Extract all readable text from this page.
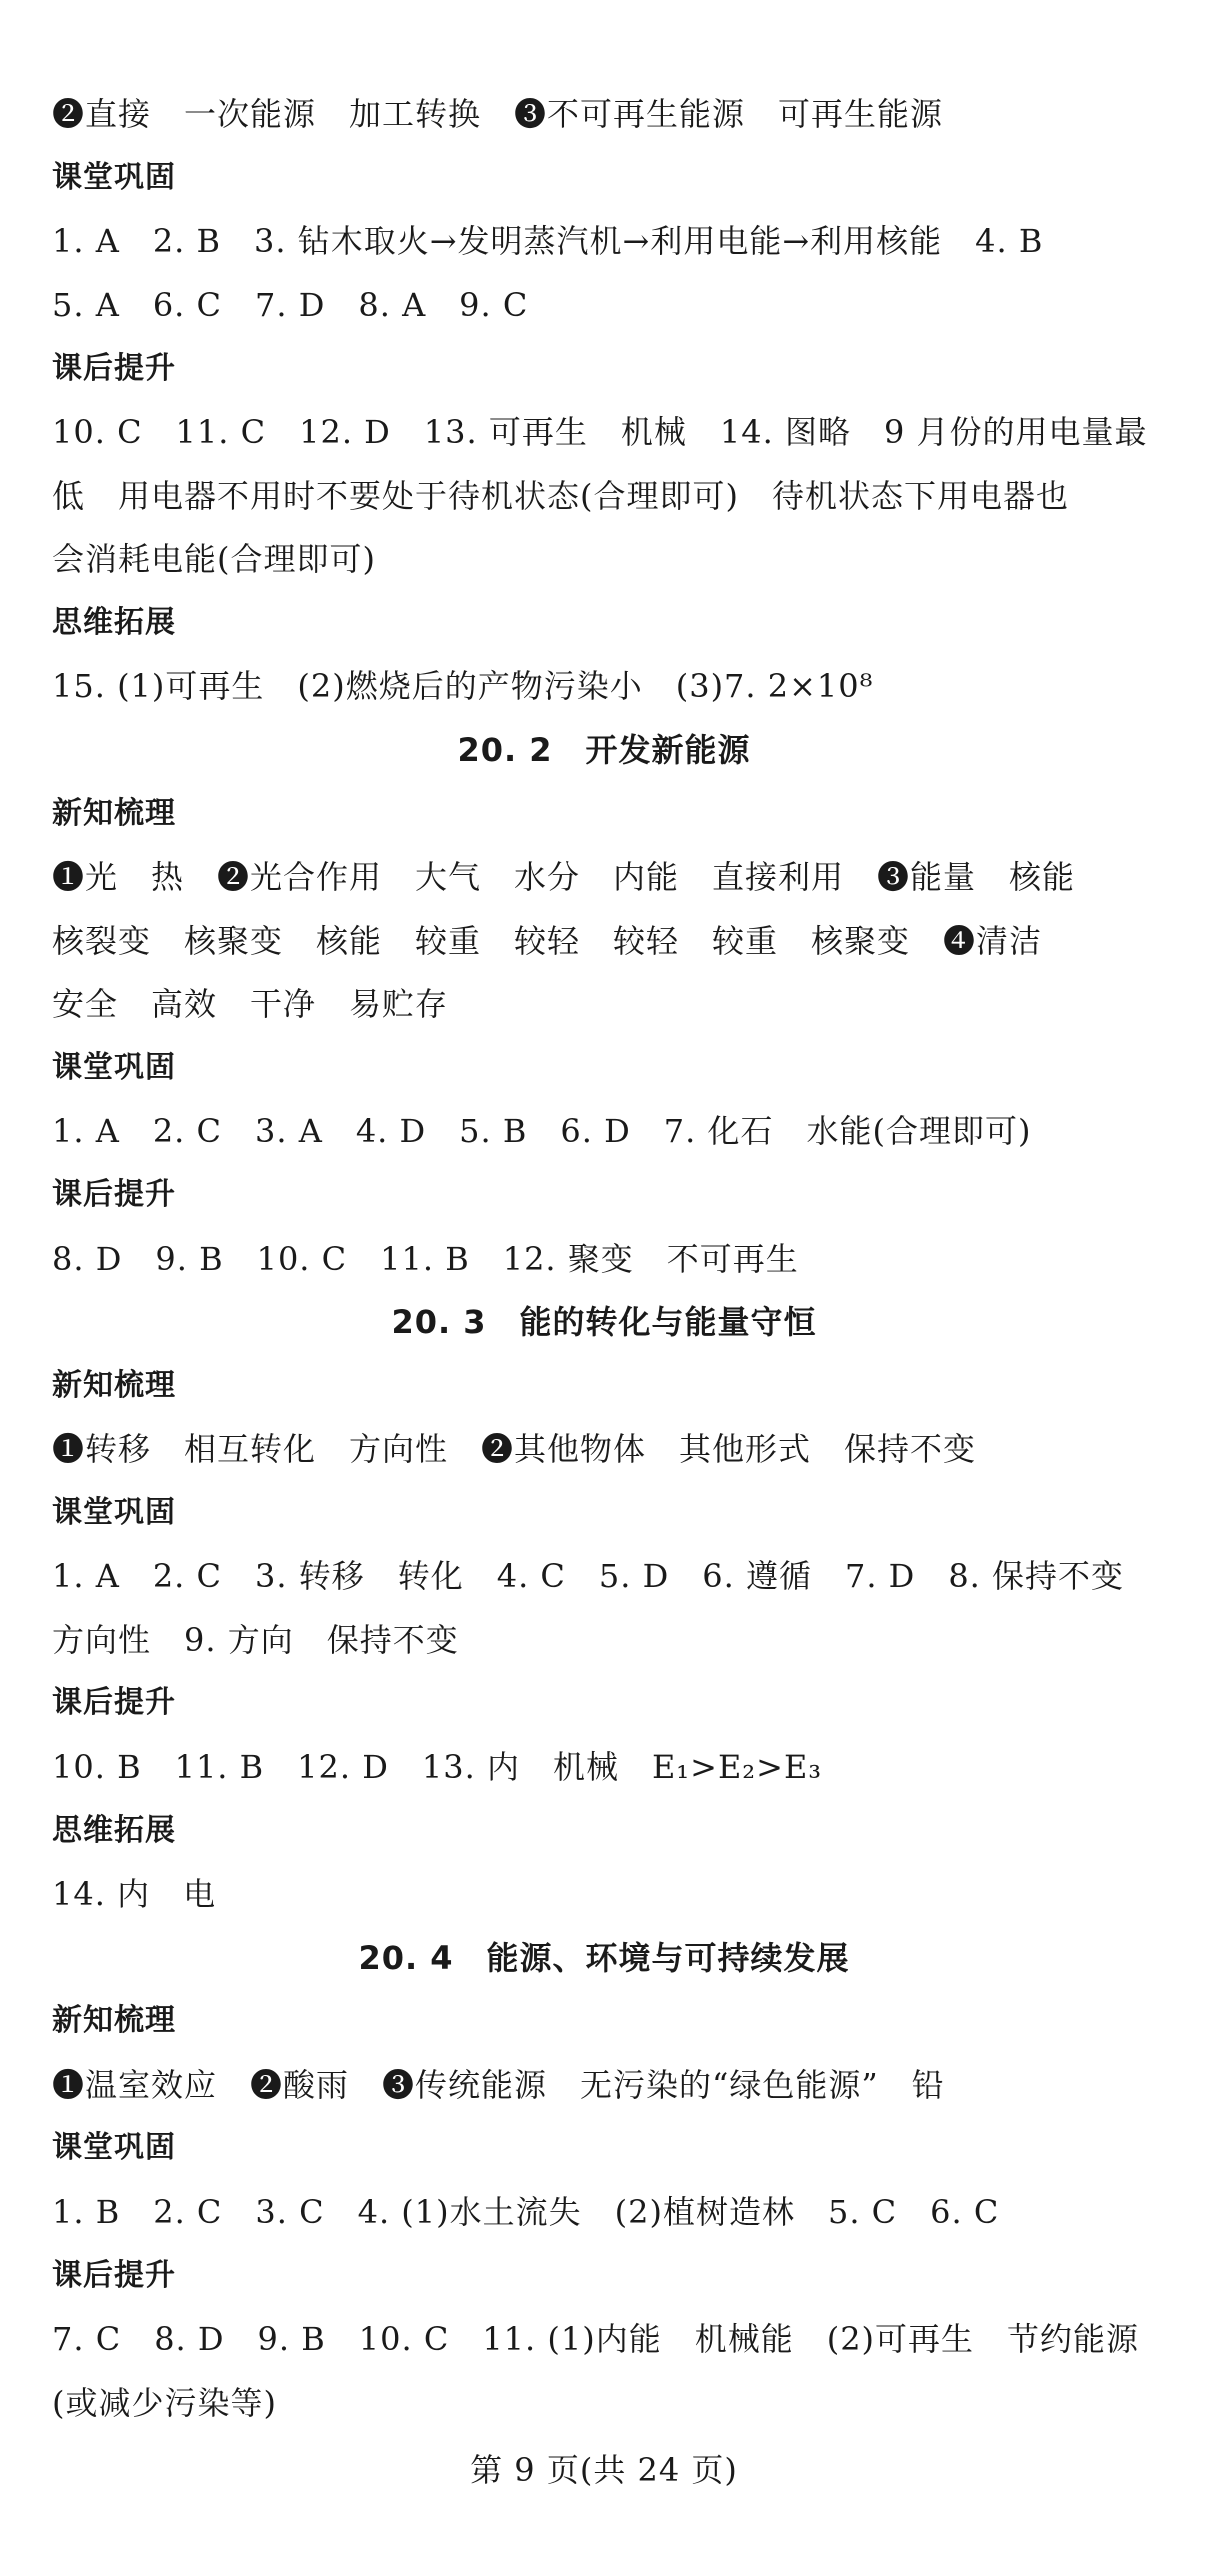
❷直接　一次能源　加工转换　❸不可再生能源　可再生能源
课堂巩固
1. A　2. B　3. 钻木取火→发明蒸汽机→利用电能→利用核能　4. B
5. A　6. C　7. D　8. A　9. C
课后提升
10. C　11. C　12. D　13. 可再生　机械　14. 图略　9 月份的用电量最
低　用电器不用时不要处于待机状态(合理即可)　待机状态下用电器也
会消耗电能(合理即可)
思维拓展
15. (1)可再生　(2)燃烧后的产物污染小　(3)7. 2×10⁸
20. 2　开发新能源
新知梳理
❶光　热　❷光合作用　大气　水分　内能　直接利用　❸能量　核能
核裂变　核聚变　核能　较重　较轻　较轻　较重　核聚变　❹清洁
安全　高效　干净　易贮存
课堂巩固
1. A　2. C　3. A　4. D　5. B　6. D　7. 化石　水能(合理即可)
课后提升
8. D　9. B　10. C　11. B　12. 聚变　不可再生
20. 3　能的转化与能量守恒
新知梳理
❶转移　相互转化　方向性　❷其他物体　其他形式　保持不变
课堂巩固
1. A　2. C　3. 转移　转化　4. C　5. D　6. 遵循　7. D　8. 保持不变
方向性　9. 方向　保持不变
课后提升
10. B　11. B　12. D　13. 内　机械　E₁>E₂>E₃
思维拓展
14. 内　电
20. 4　能源、环境与可持续发展
新知梳理
❶温室效应　❷酸雨　❸传统能源　无污染的“绿色能源”　铅
课堂巩固
1. B　2. C　3. C　4. (1)水土流失　(2)植树造林　5. C　6. C
课后提升
7. C　8. D　9. B　10. C　11. (1)内能　机械能　(2)可再生　节约能源
(或减少污染等)
第 9 页(共 24 页)
